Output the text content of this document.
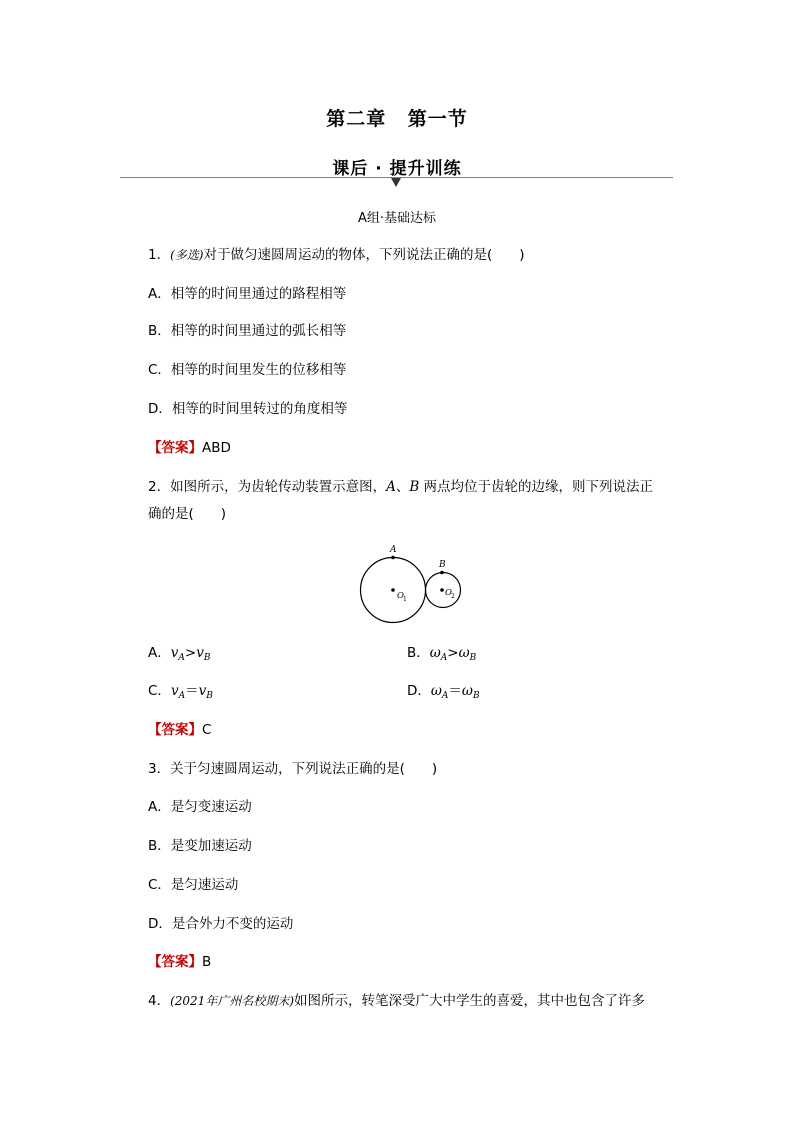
第二章 第一节
课后 · 提升训练
A组·基础达标
1．(多选)对于做匀速圆周运动的物体，下列说法正确的是(　　)
A．相等的时间里通过的路程相等
B．相等的时间里通过的弧长相等
C．相等的时间里发生的位移相等
D．相等的时间里转过的角度相等
【答案】ABD
2．如图所示，为齿轮传动装置示意图，A、B 两点均位于齿轮的边缘，则下列说法正
确的是(　　)
A
B
O 1
O 2
A．$v_A>v_B$	B．$\omega_A>\omega_B$
C．$v_A=v_B$	D．$\omega_A=\omega_B$
【答案】C
3．关于匀速圆周运动，下列说法正确的是(　　)
A．是匀变速运动
B．是变加速运动
C．是匀速运动
D．是合外力不变的运动
【答案】B
4．(2021年广州名校期末)如图所示，转笔深受广大中学生的喜爱，其中也包含了许多
